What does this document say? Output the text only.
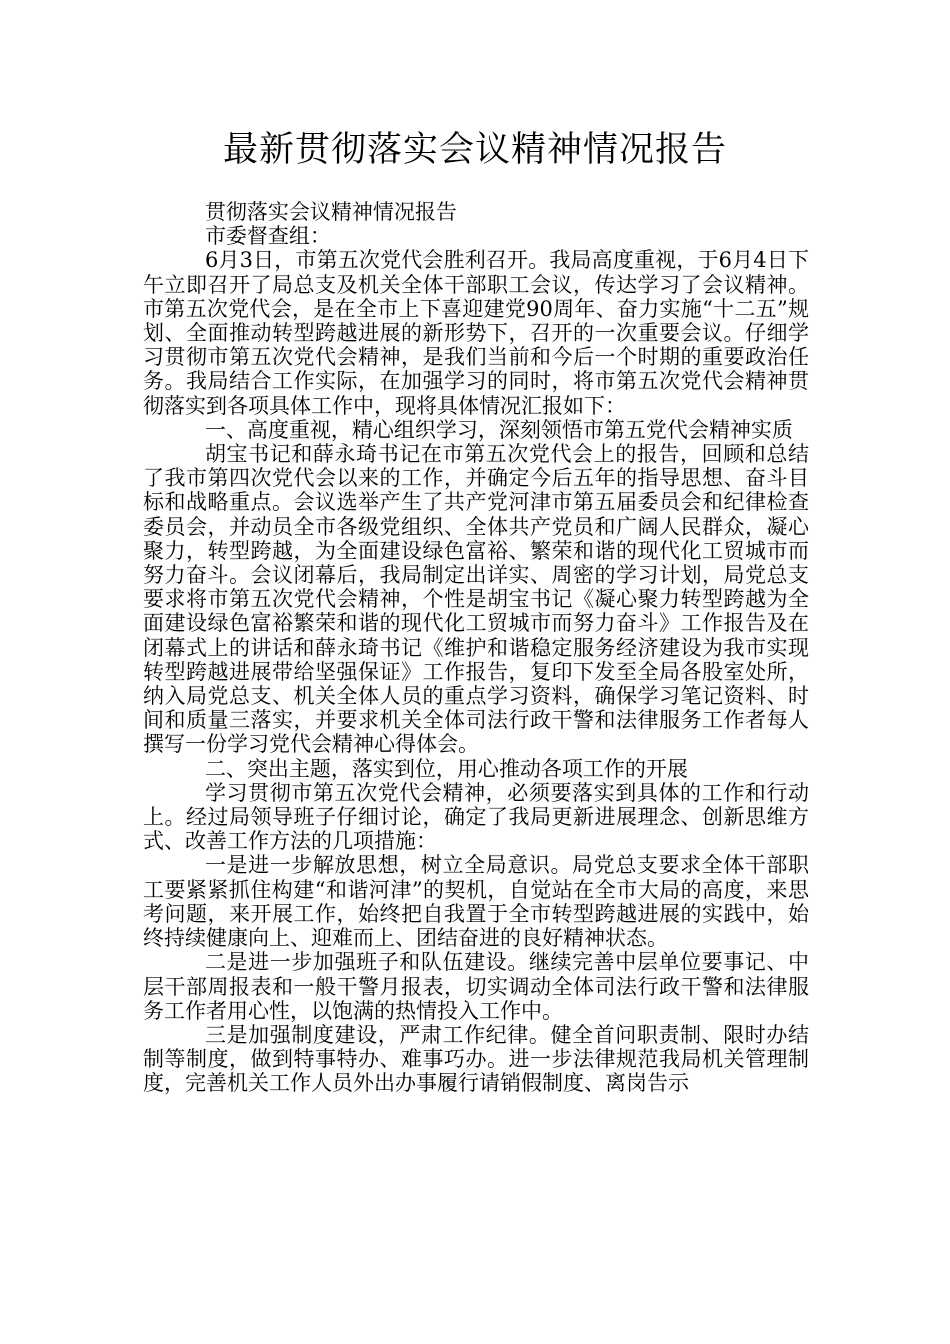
最新贯彻落实会议精神情况报告

贯彻落实会议精神情况报告

市委督查组：

6月3日，市第五次党代会胜利召开。我局高度重视，于6月4日下午立即召开了局总支及机关全体干部职工会议，传达学习了会议精神。市第五次党代会，是在全市上下喜迎建党90周年、奋力实施“十二五”规划、全面推动转型跨越进展的新形势下，召开的一次重要会议。仔细学习贯彻市第五次党代会精神，是我们当前和今后一个时期的重要政治任务。我局结合工作实际，在加强学习的同时，将市第五次党代会精神贯彻落实到各项具体工作中，现将具体情况汇报如下：

一、高度重视，精心组织学习，深刻领悟市第五党代会精神实质

胡宝书记和薛永琦书记在市第五次党代会上的报告，回顾和总结了我市第四次党代会以来的工作，并确定今后五年的指导思想、奋斗目标和战略重点。会议选举产生了共产党河津市第五届委员会和纪律检查委员会，并动员全市各级党组织、全体共产党员和广阔人民群众，凝心聚力，转型跨越，为全面建设绿色富裕、繁荣和谐的现代化工贸城市而努力奋斗。会议闭幕后，我局制定出详实、周密的学习计划，局党总支要求将市第五次党代会精神，个性是胡宝书记《凝心聚力转型跨越为全面建设绿色富裕繁荣和谐的现代化工贸城市而努力奋斗》工作报告及在闭幕式上的讲话和薛永琦书记《维护和谐稳定服务经济建设为我市实现转型跨越进展带给坚强保证》工作报告，复印下发至全局各股室处所，纳入局党总支、机关全体人员的重点学习资料，确保学习笔记资料、时间和质量三落实，并要求机关全体司法行政干警和法律服务工作者每人撰写一份学习党代会精神心得体会。

二、突出主题，落实到位，用心推动各项工作的开展

学习贯彻市第五次党代会精神，必须要落实到具体的工作和行动上。经过局领导班子仔细讨论，确定了我局更新进展理念、创新思维方式、改善工作方法的几项措施：

一是进一步解放思想，树立全局意识。局党总支要求全体干部职工要紧紧抓住构建“和谐河津”的契机，自觉站在全市大局的高度，来思考问题，来开展工作，始终把自我置于全市转型跨越进展的实践中，始终持续健康向上、迎难而上、团结奋进的良好精神状态。

二是进一步加强班子和队伍建设。继续完善中层单位要事记、中层干部周报表和一般干警月报表，切实调动全体司法行政干警和法律服务工作者用心性，以饱满的热情投入工作中。

三是加强制度建设，严肃工作纪律。健全首问职责制、限时办结制等制度，做到特事特办、难事巧办。进一步法律规范我局机关管理制度，完善机关工作人员外出办事履行请销假制度、离岗告示
